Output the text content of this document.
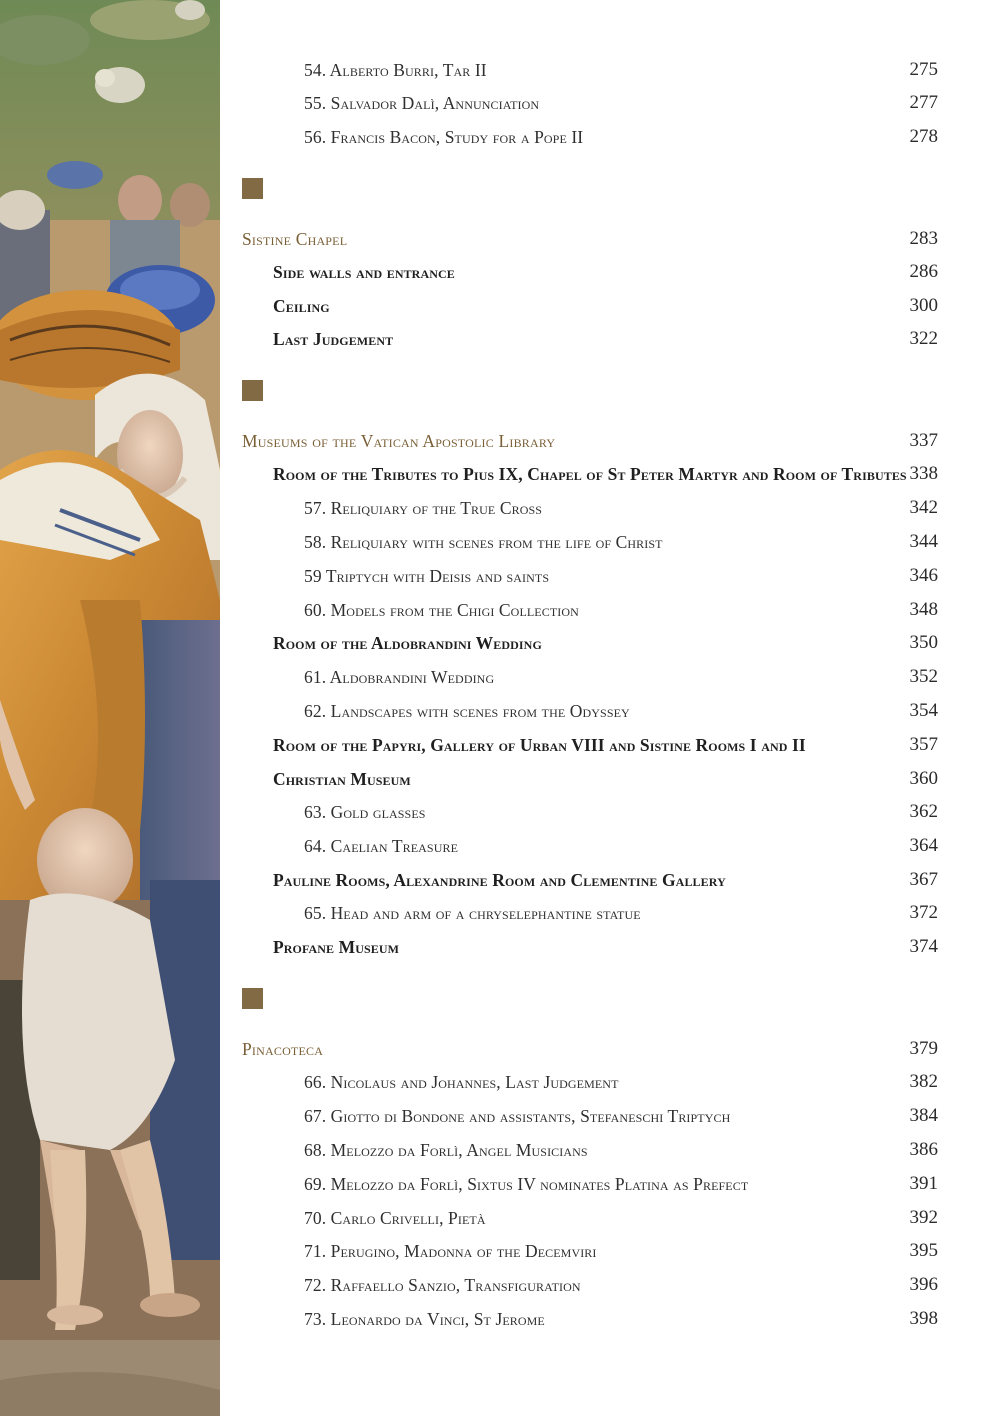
54. Alberto Burri, Tar II	275
55. Salvador Dalì, Annunciation	277
56. Francis Bacon, Study for a Pope II	278
Sistine Chapel	283
Side walls and entrance	286
Ceiling	300
Last Judgement	322
Museums of the Vatican Apostolic Library	337
Room of the Tributes to Pius IX, Chapel of St Peter Martyr and Room of Tributes 338
57. Reliquiary of the True Cross	342
58. Reliquiary with scenes from the life of Christ	344
59 Triptych with Deisis and saints	346
60. Models from the Chigi Collection	348
Room of the Aldobrandini Wedding	350
61. Aldobrandini Wedding	352
62. Landscapes with scenes from the Odyssey	354
Room of the Papyri, Gallery of Urban VIII and Sistine Rooms I and II	357
Christian Museum	360
63. Gold glasses	362
64. Caelian Treasure	364
Pauline Rooms, Alexandrine Room and Clementine Gallery	367
65. Head and arm of a chryselephantine statue	372
Profane Museum	374
Pinacoteca	379
66. Nicolaus and Johannes, Last Judgement	382
67. Giotto di Bondone and assistants, Stefaneschi Triptych	384
68. Melozzo da Forlì, Angel Musicians	386
69. Melozzo da Forlì, Sixtus IV nominates Platina as Prefect	391
70. Carlo Crivelli, Pietà	392
71. Perugino, Madonna of the Decemviri	395
72. Raffaello Sanzio, Transfiguration	396
73. Leonardo da Vinci, St Jerome	398
